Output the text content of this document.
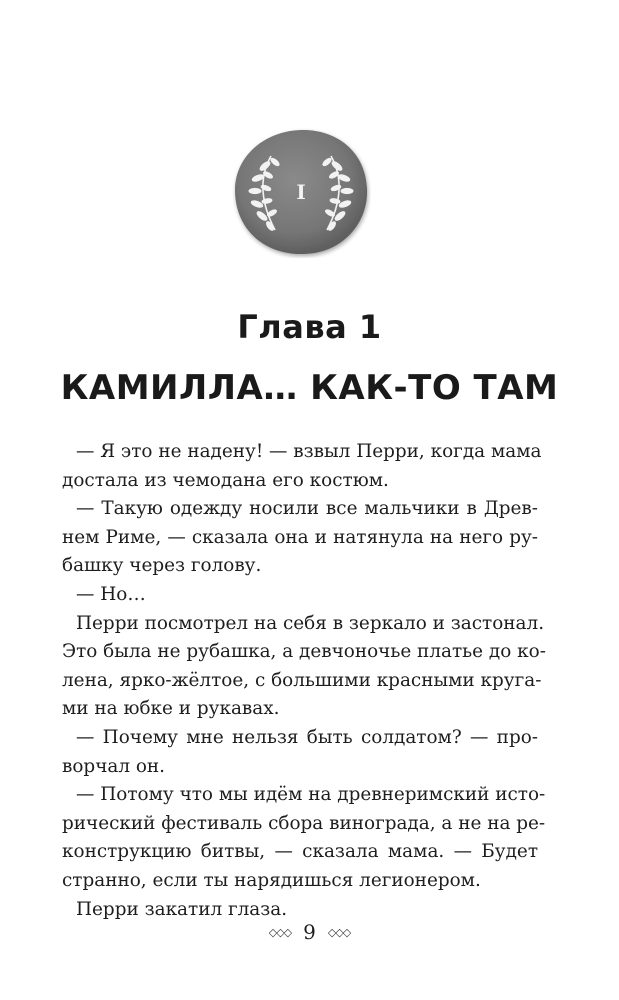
I
Глава 1
КАМИЛЛА… КАК-ТО ТАМ
— Я это не надену! — взвыл Перри, когда мама
достала из чемодана его костюм.
— Такую одежду носили все мальчики в Древ-
нем Риме, — сказала она и натянула на него ру-
башку через голову.
— Но…
Перри посмотрел на себя в зеркало и застонал.
Это была не рубашка, а девчоночье платье до ко-
лена, ярко-жёлтое, с большими красными круга-
ми на юбке и рукавах.
— Почему мне нельзя быть солдатом? — про-
ворчал он.
— Потому что мы идём на древнеримский исто-
рический фестиваль сбора винограда, а не на ре-
конструкцию битвы, — сказала мама. — Будет
странно, если ты нарядишься легионером.
Перри закатил глаза.
◇◇◇ 9 ◇◇◇
